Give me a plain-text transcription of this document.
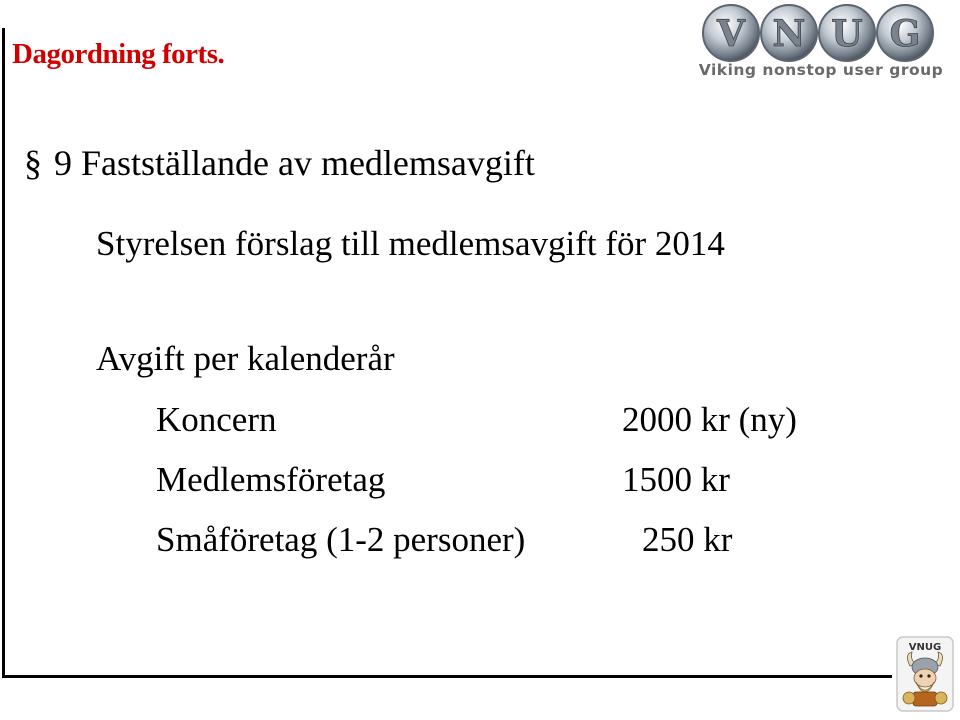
Dagordning forts.	V N U G
Viking nonstop user group
§ 9 Fastställande av medlemsavgift
Styrelsen förslag till medlemsavgift för 2014
Avgift per kalenderår
Koncern	2000 kr (ny)
Medlemsföretag	1500 kr
Småföretag (1-2 personer)	250 kr
VNUG
